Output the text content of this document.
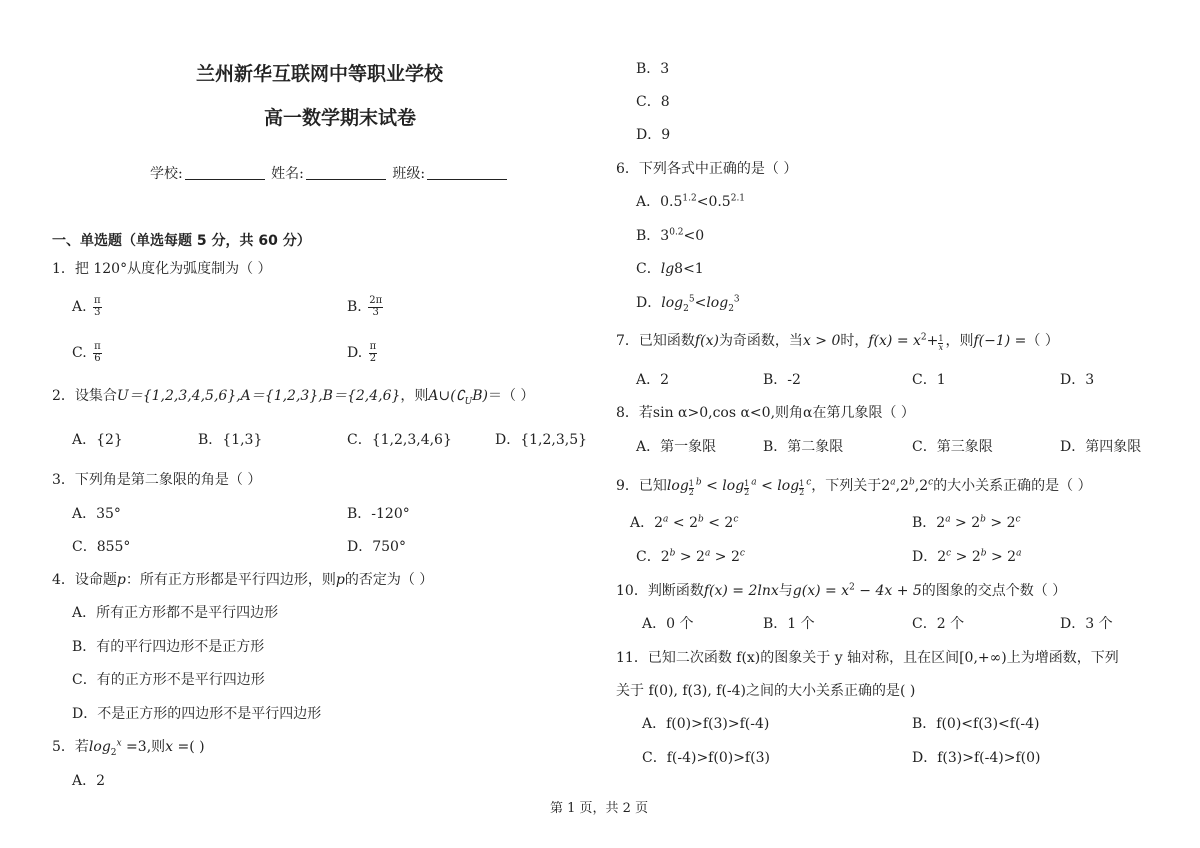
兰州新华互联网中等职业学校
高一数学期末试卷
学校:	姓名:	班级:
一、单选题（单选每题 5 分，共 60 分）
1．把 120°从度化为弧度制为（ ）
A. $\frac{\pi}{3}$	B. $\frac{2\pi}{3}$
C. $\frac{\pi}{6}$	D. $\frac{\pi}{2}$
2．设集合U＝{1,2,3,4,5,6},A＝{1,2,3},B＝{2,4,6}，则$A\cup(∁_UB)=$（ ）
A．{2}	B．{1,3}	C．{1,2,3,4,6}	D．{1,2,3,5}
3．下列角是第二象限的角是（ ）
A．35°	B．-120°
C．855°	D．750°
4．设命题p：所有正方形都是平行四边形，则p的否定为（ ）
A．所有正方形都不是平行四边形
B．有的平行四边形不是正方形
C．有的正方形不是平行四边形
D．不是正方形的四边形不是平行四边形
5．若$\log_2^x =3$,则x =( )
A．2
B．3
C．8
D．9
6．下列各式中正确的是（ ）
A．$0.5^{1.2}<0.5^{2.1}$
B．$3^{0.2}<0$
C．lg8<1
D．$\log_2^5<\log_2^3$
7．已知函数f(x)为奇函数，当x > 0时，$f(x) = x^2+ \frac{1}{x}$ ，则f(−1) =（ ）
A．2	B．-2	C．1	D．3
8．若sin α>0,cos α<0,则角α在第几象限（ ）
A．第一象限	B．第二象限	C．第三象限	D．第四象限
9．已知$\log \frac{1}{2} ^b < \log \frac{1}{2} ^a < \log \frac{1}{2} ^c$，下列关于2$^a$,2$^b$,2$^c$的大小关系正确的是（ ）
A．$2^a < 2^b < 2^c$	B．$2^a > 2^b > 2^c$
C．$2^b > 2^a > 2^c$	D．$2^c > 2^b > 2^a$
10．判断函数f(x) = 2lnx与$g(x) = x^2 - 4x + 5$的图象的交点个数（ ）
A．0 个	B．1 个	C．2 个	D．3 个
11．已知二次函数 f(x)的图象关于 y 轴对称，且在区间[0,+∞)上为增函数，下列
关于 f(0), f(3), f(-4)之间的大小关系正确的是( )
A．f(0)>f(3)>f(-4)	B．f(0)<f(3)<f(-4)
C．f(-4)>f(0)>f(3)	D．f(3)>f(-4)>f(0)
第 1 页，共 2 页
